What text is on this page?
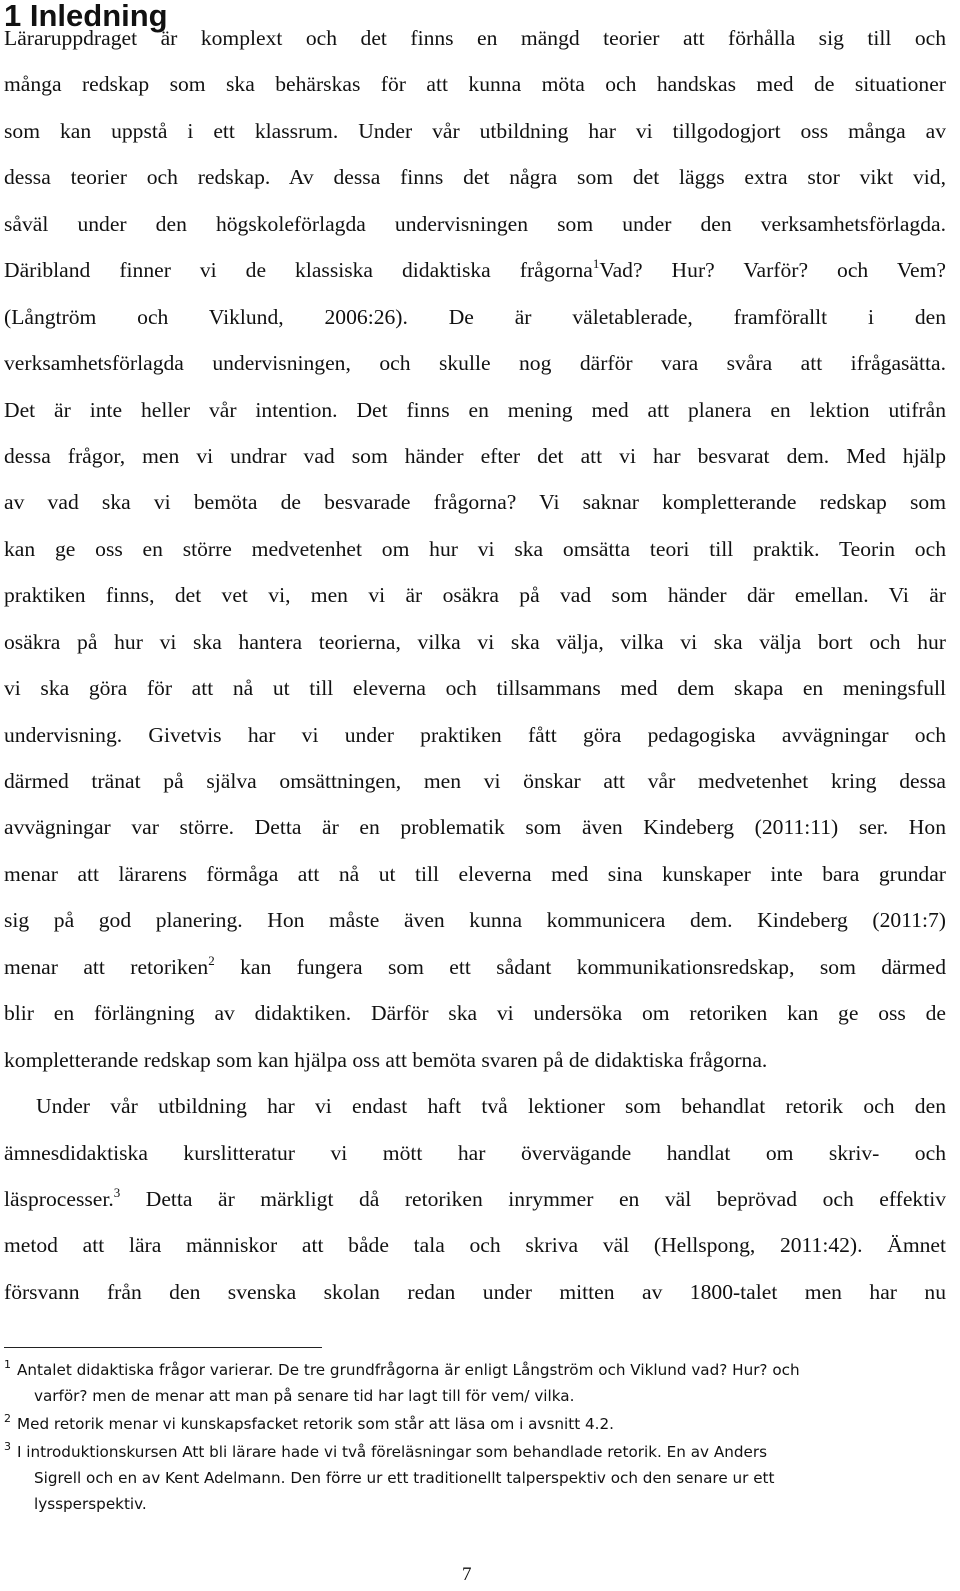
1 Inledning
Läraruppdraget är komplext och det finns en mängd teorier att förhålla sig till och
många redskap som ska behärskas för att kunna möta och handskas med de situationer
som kan uppstå i ett klassrum. Under vår utbildning har vi tillgodogjort oss många av
dessa teorier och redskap. Av dessa finns det några som det läggs extra stor vikt vid,
såväl under den högskoleförlagda undervisningen som under den verksamhetsförlagda.
Däribland finner vi de klassiska didaktiska frågorna$^1$Vad? Hur? Varför? och Vem?
(Långtröm och Viklund, 2006:26). De är väletablerade, framförallt i den
verksamhetsförlagda undervisningen, och skulle nog därför vara svåra att ifrågasätta.
Det är inte heller vår intention. Det finns en mening med att planera en lektion utifrån
dessa frågor, men vi undrar vad som händer efter det att vi har besvarat dem. Med hjälp
av vad ska vi bemöta de besvarade frågorna? Vi saknar kompletterande redskap som
kan ge oss en större medvetenhet om hur vi ska omsätta teori till praktik. Teorin och
praktiken finns, det vet vi, men vi är osäkra på vad som händer där emellan. Vi är
osäkra på hur vi ska hantera teorierna, vilka vi ska välja, vilka vi ska välja bort och hur
vi ska göra för att nå ut till eleverna och tillsammans med dem skapa en meningsfull
undervisning. Givetvis har vi under praktiken fått göra pedagogiska avvägningar och
därmed tränat på själva omsättningen, men vi önskar att vår medvetenhet kring dessa
avvägningar var större. Detta är en problematik som även Kindeberg (2011:11) ser. Hon
menar att lärarens förmåga att nå ut till eleverna med sina kunskaper inte bara grundar
sig på god planering. Hon måste även kunna kommunicera dem. Kindeberg (2011:7)
menar att retoriken$^2$ kan fungera som ett sådant kommunikationsredskap, som därmed
blir en förlängning av didaktiken. Därför ska vi undersöka om retoriken kan ge oss de
kompletterande redskap som kan hjälpa oss att bemöta svaren på de didaktiska frågorna.
Under vår utbildning har vi endast haft två lektioner som behandlat retorik och den
ämnesdidaktiska kurslitteratur vi mött har övervägande handlat om skriv- och
läsprocesser.$^3$ Detta är märkligt då retoriken inrymmer en väl beprövad och effektiv
metod att lära människor att både tala och skriva väl (Hellspong, 2011:42). Ämnet
försvann från den svenska skolan redan under mitten av 1800-talet men har nu
$^1$ Antalet didaktiska frågor varierar. De tre grundfrågorna är enligt Långström och Viklund vad? Hur? och
varför? men de menar att man på senare tid har lagt till för vem/ vilka.
$^2$ Med retorik menar vi kunskapsfacket retorik som står att läsa om i avsnitt 4.2.
$^3$ I introduktionskursen Att bli lärare hade vi två föreläsningar som behandlade retorik. En av Anders
Sigrell och en av Kent Adelmann. Den förre ur ett traditionellt talperspektiv och den senare ur ett
lyssperspektiv.
7
